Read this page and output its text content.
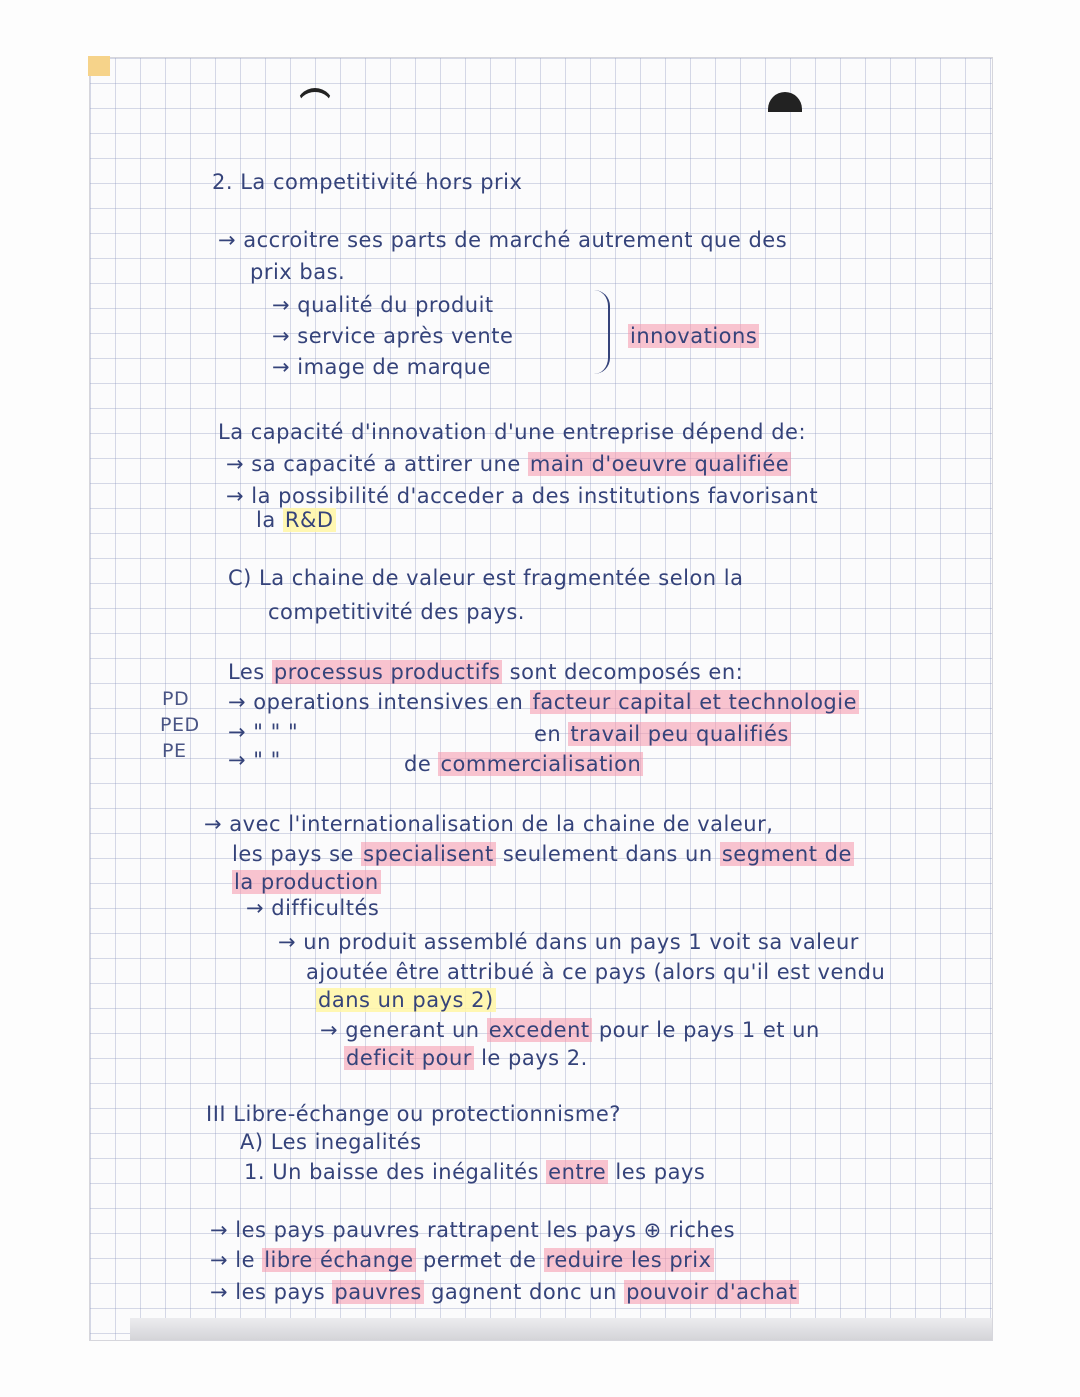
2. La competitivité hors prix
→ accroitre ses parts de marché autrement que des
prix bas.
→ qualité du produit
→ service après vente
→ image de marque
innovations
La capacité d'innovation d'une entreprise dépend de:
→ sa capacité a attirer une main d'oeuvre qualifiée
→ la possibilité d'acceder a des institutions favorisant
la R&D
C) La chaine de valeur est fragmentée selon la
competitivité des pays.
Les processus productifs sont decomposés en:
PD
PED
PE
→ operations intensives en facteur capital et technologie
→ " " "	en travail peu qualifiés
→ " "	de commercialisation
→ avec l'internationalisation de la chaine de valeur,
les pays se specialisent seulement dans un segment de
la production
→ difficultés
→ un produit assemblé dans un pays 1 voit sa valeur
ajoutée être attribué à ce pays (alors qu'il est vendu
dans un pays 2)
→ generant un excedent pour le pays 1 et un
deficit pour le pays 2.
III Libre-échange ou protectionnisme?
A) Les inegalités
1. Un baisse des inégalités entre les pays
→ les pays pauvres rattrapent les pays ⊕ riches
→ le libre échange permet de reduire les prix
→ les pays pauvres gagnent donc un pouvoir d'achat
